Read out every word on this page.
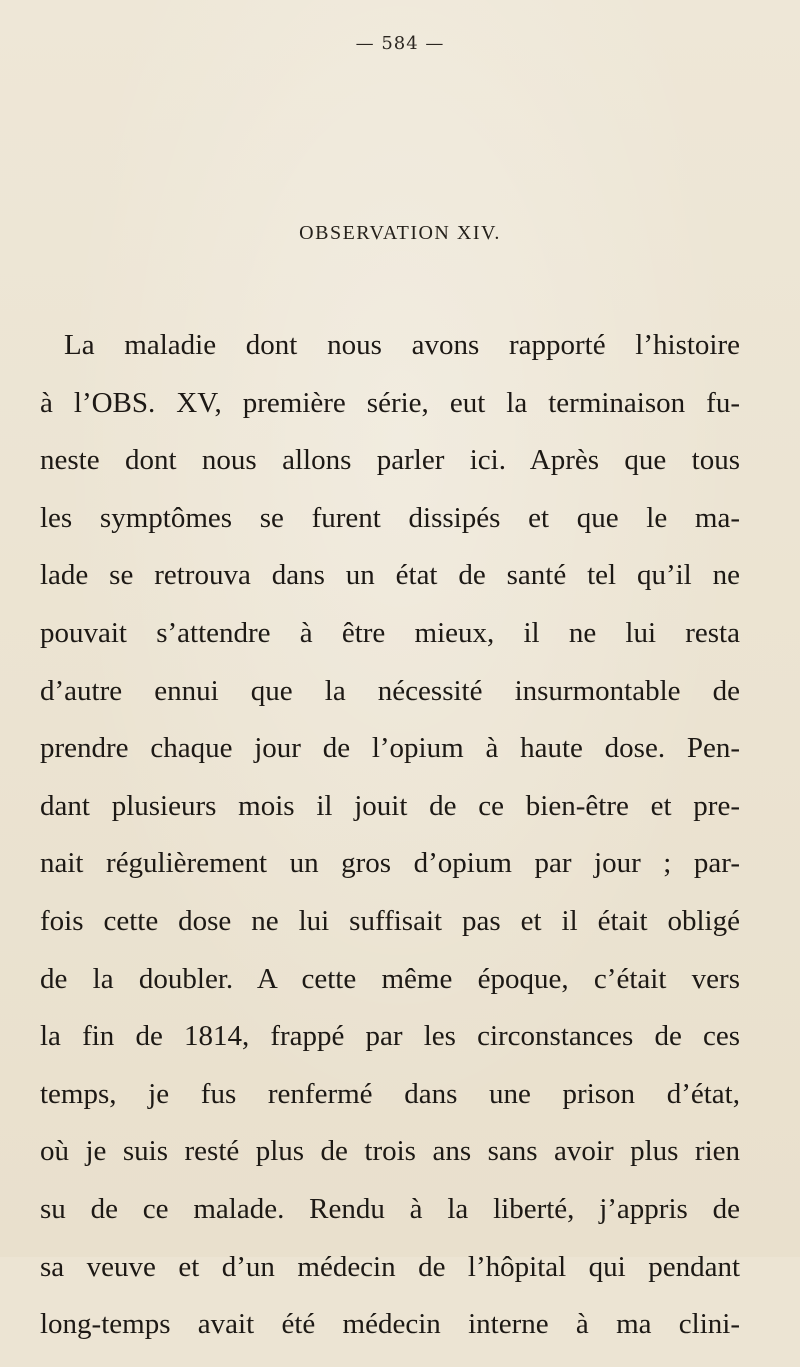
— 584 —
OBSERVATION XIV.
La maladie dont nous avons rapporté l’histoire
à l’OBS. XV, première série, eut la terminaison fu-
neste dont nous allons parler ici. Après que tous
les symptômes se furent dissipés et que le ma-
lade se retrouva dans un état de santé tel qu’il ne
pouvait s’attendre à être mieux, il ne lui resta
d’autre ennui que la nécessité insurmontable de
prendre chaque jour de l’opium à haute dose. Pen-
dant plusieurs mois il jouit de ce bien-être et pre-
nait régulièrement un gros d’opium par jour ; par-
fois cette dose ne lui suffisait pas et il était obligé
de la doubler. A cette même époque, c’était vers
la fin de 1814, frappé par les circonstances de ces
temps, je fus renfermé dans une prison d’état,
où je suis resté plus de trois ans sans avoir plus rien
su de ce malade. Rendu à la liberté, j’appris de
sa veuve et d’un médecin de l’hôpital qui pendant
long-temps avait été médecin interne à ma clini-
